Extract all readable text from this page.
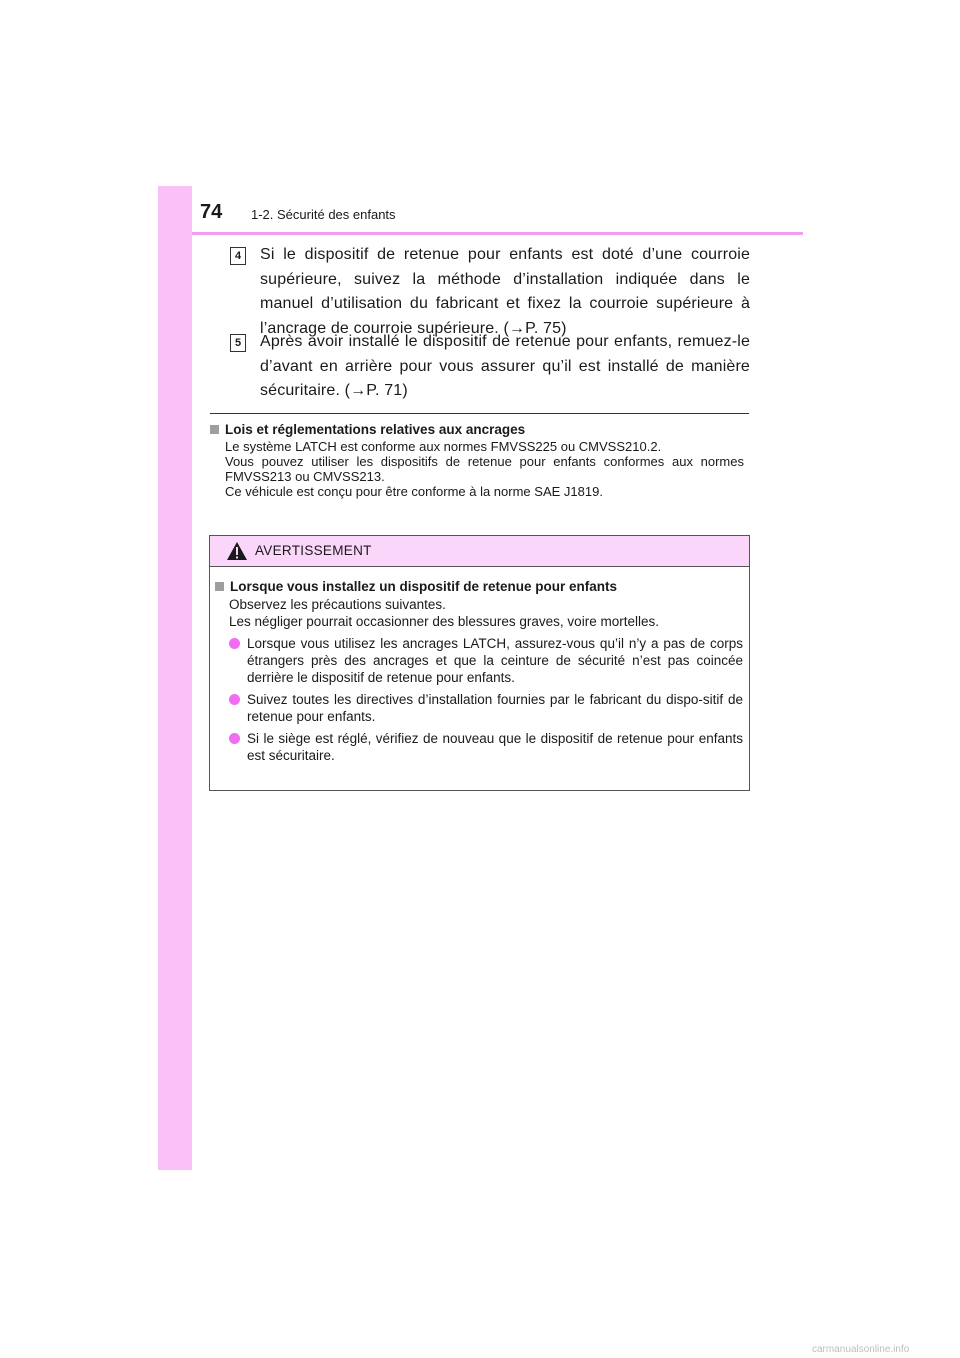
74 1-2. Sécurité des enfants
4	Si le dispositif de retenue pour enfants est doté d’une courroie supérieure, suivez la méthode d’installation indiquée dans le manuel d’utilisation du fabricant et fixez la courroie supérieure à l’ancrage de courroie supérieure. (→P. 75)
5	Après avoir installé le dispositif de retenue pour enfants, remuez-le d’avant en arrière pour vous assurer qu’il est installé de manière sécuritaire. (→P. 71)

Lois et réglementations relatives aux ancrages

Le système LATCH est conforme aux normes FMVSS225 ou CMVSS210.2.

Vous pouvez utiliser les dispositifs de retenue pour enfants conformes aux normes FMVSS213 ou CMVSS213.

Ce véhicule est conçu pour être conforme à la norme SAE J1819.

AVERTISSEMENT

Lorsque vous installez un dispositif de retenue pour enfants

Observez les précautions suivantes.

Les négliger pourrait occasionner des blessures graves, voire mortelles.

Lorsque vous utilisez les ancrages LATCH, assurez-vous qu’il n’y a pas de corps étrangers près des ancrages et que la ceinture de sécurité n’est pas coincée derrière le dispositif de retenue pour enfants.
Suivez toutes les directives d’installation fournies par le fabricant du dispo-sitif de retenue pour enfants.
Si le siège est réglé, vérifiez de nouveau que le dispositif de retenue pour enfants est sécuritaire.
carmanualsonline.info
